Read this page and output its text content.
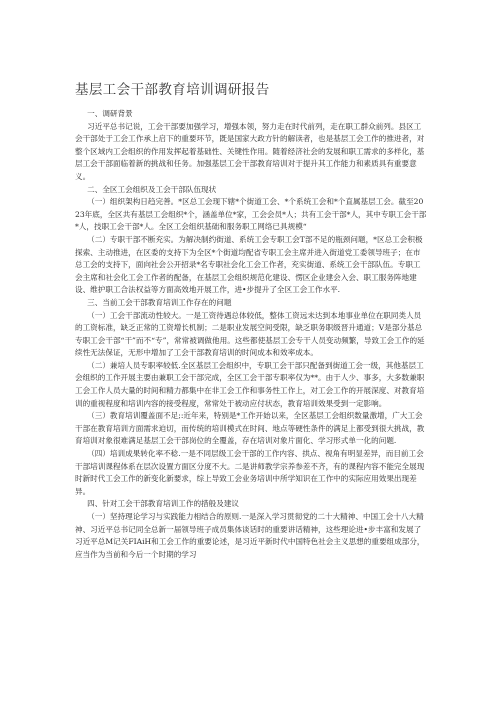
基层工会干部教育培训调研报告

一、调研背景

习近平总书记说，工会干部要加强学习，增强本领，努力走在时代前列，走在职工群众前列。县区工会干部处于工会工作承上启下的重要环节，既是国家大政方针的解读者，也是基层工会工作的推进者，对整个区域内工会组织的作用发挥起着基础性、关键性作用。随着经济社会的发展和职工需求的多样化，基层工会干部面临着新的挑战和任务。加强基层工会干部教育培训对于提升其工作能力和素质具有重要意义。

二、全区工会组织及工会干部队伍现状

（一）组织架构日趋完善。*区总工会现下辖*个街道工会、*个系统工会和*个直属基层工会。截至2023年底，全区共有基层工会组织*个，涵盖单位*家，工会会员*人；共有工会干部*人，其中专职工会干部*人，技职工会干部*人。全区工会组织基础和服务职工网络已具规模“

（二）专职干部不断充实。为解决制约街道、系统工会专职工会T部不足的瓶颈问题，*区总工会积极探索、主动推进，在区委的支持下为全区*个街道均配省专职工会主席并进入街道党工委领导班子；在市总工会的支持下，面向社会公开招录*名专职社会化工会工作者，充实街道、系统工会干部队伍。专职工会主席和社会化工会工作者的配备，在基层工会组织规范化建设、愣区企业建会入会、职工服务阵地建设、维护职工合法权益等方面高效地开展工作，进•步提升了全区工会工作水平.

三、当前工会干部教育培训工作存在的问题

（一）工会干部流动性较大。一是工资待遇总体较低，整体工资远未达到本地事业单位在职同类人员的工资标准，缺乏正常的工资增长机制；二是职业发展空间受限，缺乏职务职级晋升通道；V是部分基总专职工会干部“干”而不“专”，常常被调做他用。这些都使基层工会专干人员变动频繁，导致工会工作的延续性无法保证，无形中增加了工会干部教育培训的时间成本和效率成本。

（二）兼培人员专职率较低.全区基层工会组织中，专职工会干部只配备到街道工会一级，其他基层工会组织的工作开展主要由兼职工会干部完成，全区工会干部专职率仅为**。由于人少、事多，大多数兼职工会工作人员大量的时间和精力都集中在非工会工作和事务性工作上，对工会工作的开展深度、对教育培训的重视程度和培训内容的接受程度，常常处于被动应付状态，教育培训效果受到一定影响。

（三）教育培训覆盖面不足;:近年来，特别是*工作开始以来，全区基层工会组织数量激增，广大工会干部在教育培训方面需求迫切，而传统的培训模式在时间、地点等硬性条件的满足上都受到很大挑战，教育培训对象很难满足基层工会干部岗位的全覆盖，存在培训对象片面化、学习形式单一化的问题.

（四）培训成果转化率不稔.一是不同层级工会干部的工作内容、拱点、视角有明显差异，而目前工会干部培训课程体系在层次设置方面区分度不大。二是讲师教学宗养参差不齐，有的课程内容不能完全展现时新时代工会工作的新变化新要求，综上导致工会业务培训中所学知识在工作中的实际应用效果出现差异。

四、针对工会干部教育培训工作的措般及建议

（一）坚持理论学习与实践能力相结合的原则.一是深入学习贯彻党的二十大精神、中国工会十八大精神、习近平总书记同全总新一届领导班子成员集体谈话时的重要讲话精神，这些理论进•步丰富和发展了习近平总M记关FIAiH和工会工作的重要论述，是习近平新时代中国特色社会主义思想的重要组成部分，应当作为当前和今后一个时期的学习
